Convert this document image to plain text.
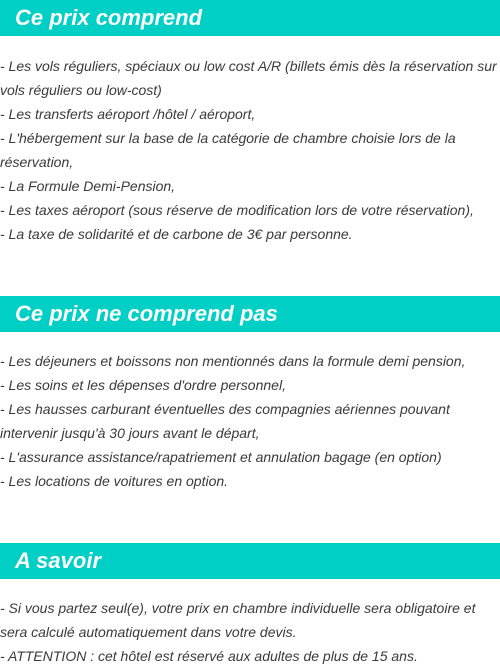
Ce prix comprend
- Les vols réguliers, spéciaux ou low cost A/R (billets émis dès la réservation sur vols réguliers ou low-cost)
- Les transferts aéroport /hôtel / aéroport,
- L'hébergement sur la base de la catégorie de chambre choisie lors de la réservation,
- La Formule Demi-Pension,
- Les taxes aéroport (sous réserve de modification lors de votre réservation),
- La taxe de solidarité et de carbone de 3€ par personne.
Ce prix ne comprend pas
- Les déjeuners et boissons non mentionnés dans la formule demi pension,
- Les soins et les dépenses d'ordre personnel,
- Les hausses carburant éventuelles des compagnies aériennes pouvant intervenir jusqu'à 30 jours avant le départ,
- L'assurance assistance/rapatriement et annulation bagage (en option)
- Les locations de voitures en option.
A savoir
- Si vous partez seul(e), votre prix en chambre individuelle sera obligatoire et sera calculé automatiquement dans votre devis.
- ATTENTION : cet hôtel est réservé aux adultes de plus de 15 ans.
